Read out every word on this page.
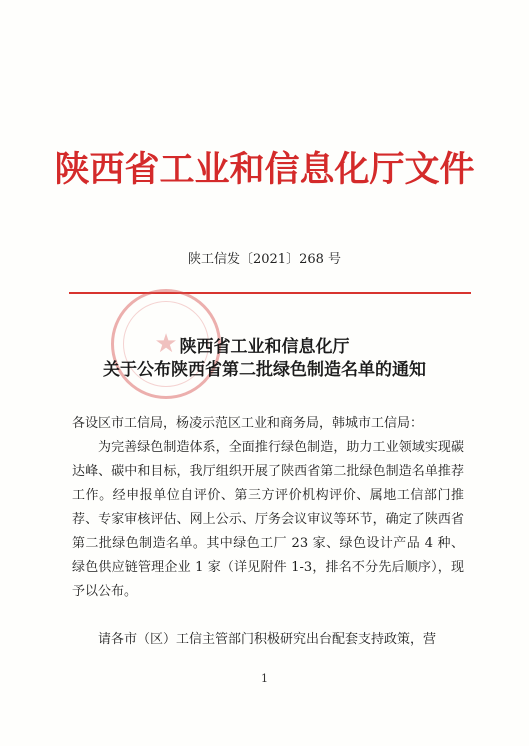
陕西省工业和信息化厅文件
陕工信发〔2021〕268 号
★ 陕西省工业和信息化厅
关于公布陕西省第二批绿色制造名单的通知
各设区市工信局，杨凌示范区工业和商务局，韩城市工信局：

为完善绿色制造体系，全面推行绿色制造，助力工业领域实现碳达峰、碳中和目标，我厅组织开展了陕西省第二批绿色制造名单推荐工作。经申报单位自评价、第三方评价机构评价、属地工信部门推荐、专家审核评估、网上公示、厅务会议审议等环节，确定了陕西省第二批绿色制造名单。其中绿色工厂 23 家、绿色设计产品 4 种、绿色供应链管理企业 1 家（详见附件 1-3，排名不分先后顺序），现予以公布。

请各市（区）工信主管部门积极研究出台配套支持政策，营

1
